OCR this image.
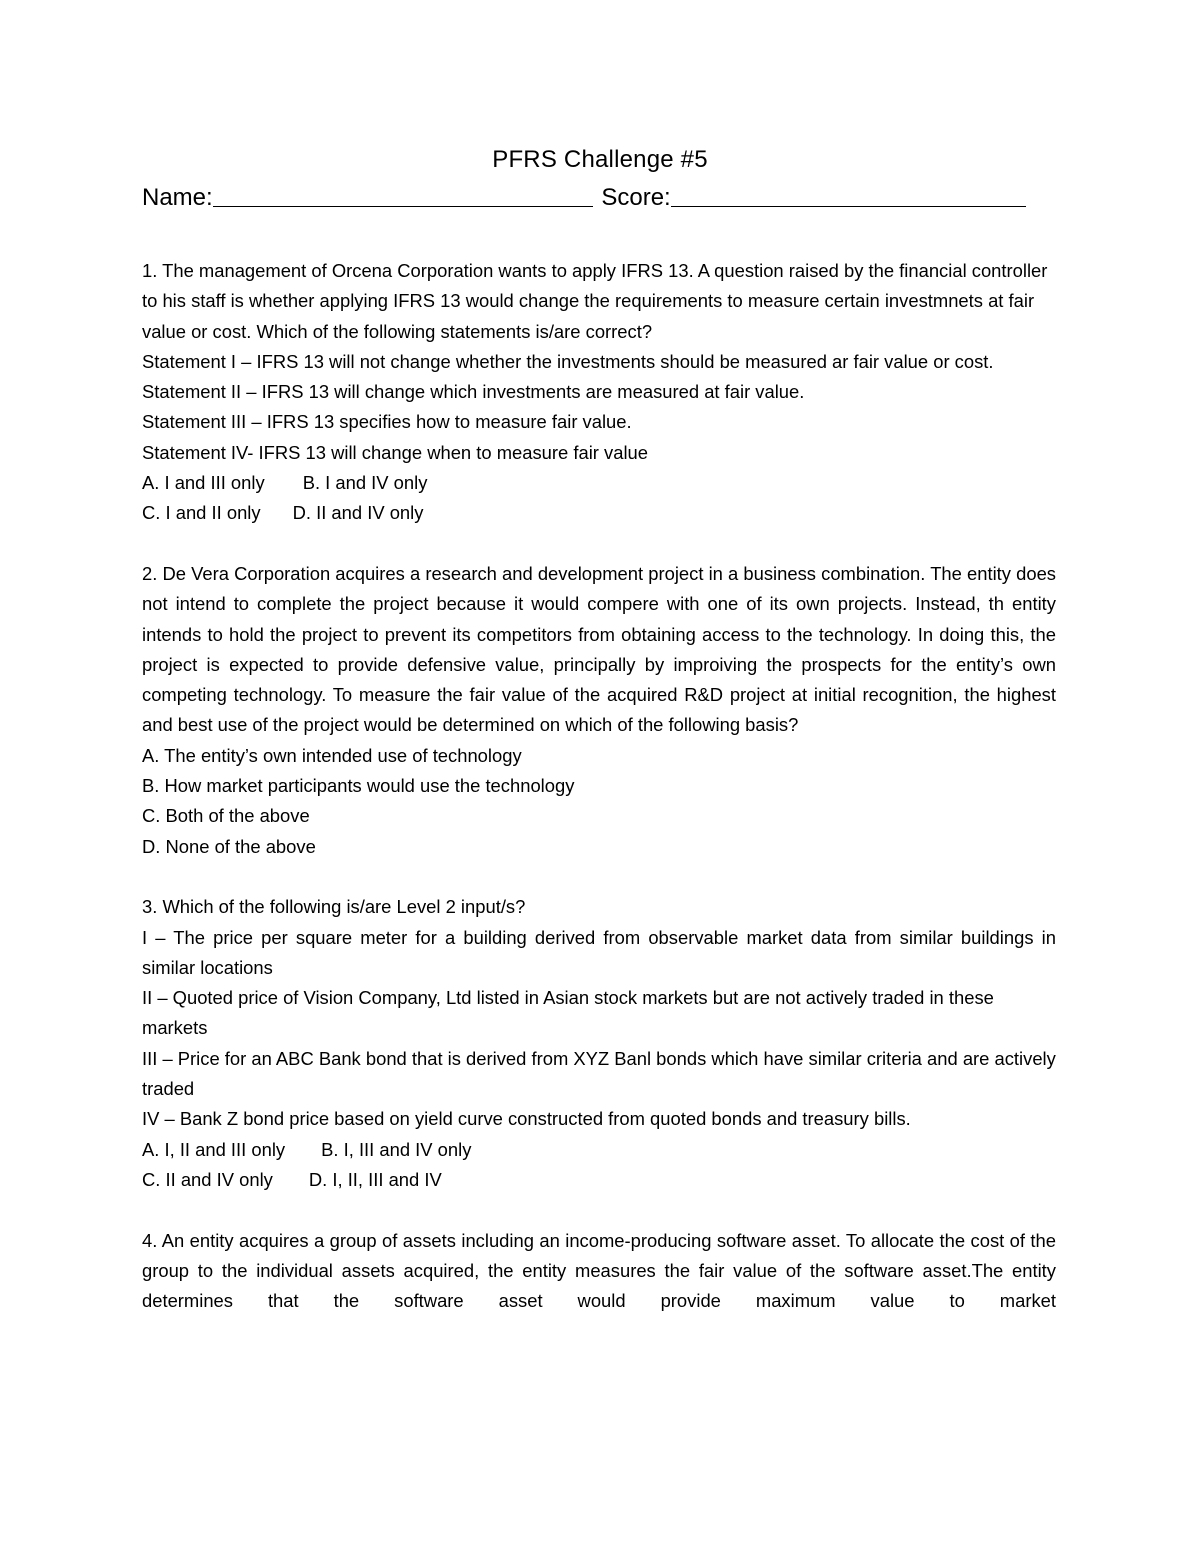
PFRS Challenge #5
Name:	Score:

1. The management of Orcena Corporation wants to apply IFRS 13. A question raised by the financial controller to his staff is whether applying IFRS 13 would change the requirements to measure certain investmnets at fair value or cost. Which of the following statements is/are correct?

Statement I – IFRS 13 will not change whether the investments should be measured ar fair value or cost.

Statement II – IFRS 13 will change which investments are measured at fair value.

Statement III – IFRS 13 specifies how to measure fair value.

Statement IV- IFRS 13 will change when to measure fair value

A. I and III only B. I and IV only

C. I and II only D. II and IV only

2. De Vera Corporation acquires a research and development project in a business combination. The entity does not intend to complete the project because it would compere with one of its own projects. Instead, th entity intends to hold the project to prevent its competitors from obtaining access to the technology. In doing this, the project is expected to provide defensive value, principally by improiving the prospects for the entity’s own competing technology. To measure the fair value of the acquired R&D project at initial recognition, the highest and best use of the project would be determined on which of the following basis?

A. The entity’s own intended use of technology

B. How market participants would use the technology

C. Both of the above

D. None of the above

3. Which of the following is/are Level 2 input/s?

I – The price per square meter for a building derived from observable market data from similar buildings in similar locations

II – Quoted price of Vision Company, Ltd listed in Asian stock markets but are not actively traded in these markets

III – Price for an ABC Bank bond that is derived from XYZ Banl bonds which have similar criteria and are actively traded

IV – Bank Z bond price based on yield curve constructed from quoted bonds and treasury bills.

A. I, II and III only B. I, III and IV only

C. II and IV only D. I, II, III and IV

4. An entity acquires a group of assets including an income-producing software asset. To allocate the cost of the group to the individual assets acquired, the entity measures the fair value of the software asset.The entity determines that the software asset would provide maximum value to market
